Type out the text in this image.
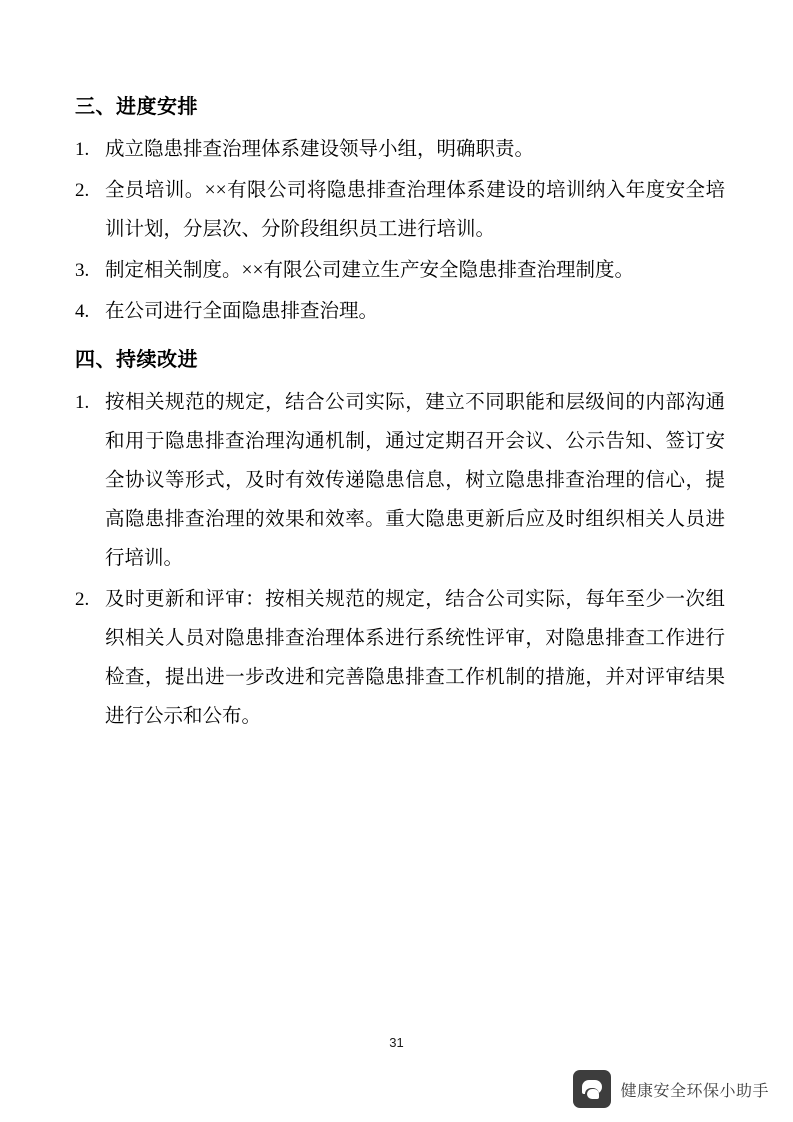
三、进度安排
1. 成立隐患排查治理体系建设领导小组，明确职责。
2. 全员培训。××有限公司将隐患排查治理体系建设的培训纳入年度安全培训计划，分层次、分阶段组织员工进行培训。
3. 制定相关制度。××有限公司建立生产安全隐患排查治理制度。
4. 在公司进行全面隐患排查治理。
四、持续改进
1. 按相关规范的规定，结合公司实际，建立不同职能和层级间的内部沟通和用于隐患排查治理沟通机制，通过定期召开会议、公示告知、签订安全协议等形式，及时有效传递隐患信息，树立隐患排查治理的信心，提高隐患排查治理的效果和效率。重大隐患更新后应及时组织相关人员进行培训。
2. 及时更新和评审：按相关规范的规定，结合公司实际，每年至少一次组织相关人员对隐患排查治理体系进行系统性评审，对隐患排查工作进行检查，提出进一步改进和完善隐患排查工作机制的措施，并对评审结果进行公示和公布。
31
健康安全环保小助手
